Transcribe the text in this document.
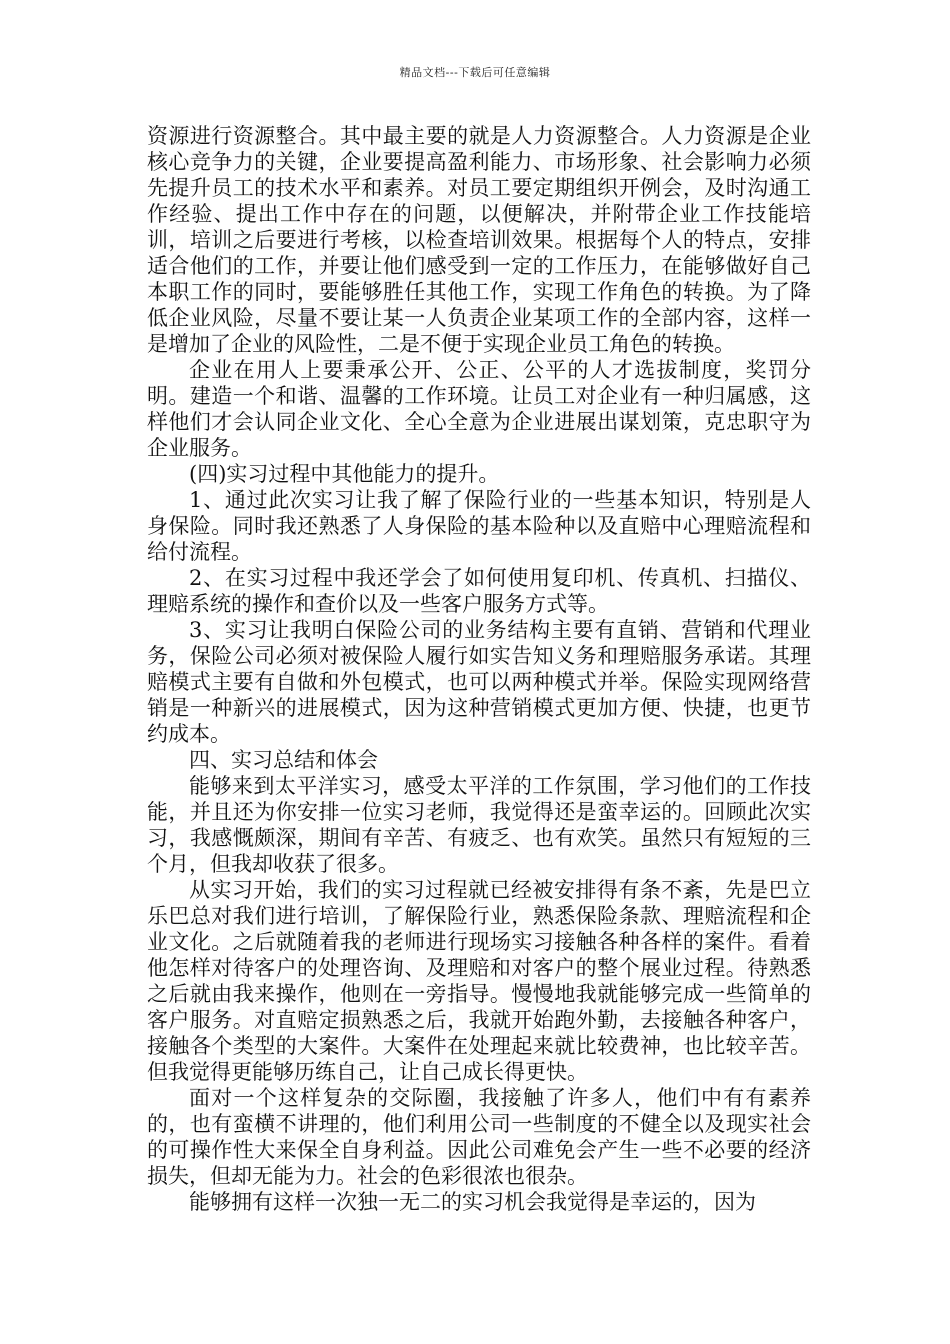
精品文档---下载后可任意编辑

资源进行资源整合。其中最主要的就是人力资源整合。人力资源是企业核心竞争力的关键，企业要提高盈利能力、市场形象、社会影响力必须先提升员工的技术水平和素养。对员工要定期组织开例会，及时沟通工作经验、提出工作中存在的问题，以便解决，并附带企业工作技能培训，培训之后要进行考核，以检查培训效果。根据每个人的特点，安排适合他们的工作，并要让他们感受到一定的工作压力，在能够做好自己本职工作的同时，要能够胜任其他工作，实现工作角色的转换。为了降低企业风险，尽量不要让某一人负责企业某项工作的全部内容，这样一是增加了企业的风险性，二是不便于实现企业员工角色的转换。

企业在用人上要秉承公开、公正、公平的人才选拔制度，奖罚分明。建造一个和谐、温馨的工作环境。让员工对企业有一种归属感，这样他们才会认同企业文化、全心全意为企业进展出谋划策，克忠职守为企业服务。

(四)实习过程中其他能力的提升。

1、通过此次实习让我了解了保险行业的一些基本知识，特别是人身保险。同时我还熟悉了人身保险的基本险种以及直赔中心理赔流程和给付流程。

2、在实习过程中我还学会了如何使用复印机、传真机、扫描仪、理赔系统的操作和查价以及一些客户服务方式等。

3、实习让我明白保险公司的业务结构主要有直销、营销和代理业务，保险公司必须对被保险人履行如实告知义务和理赔服务承诺。其理赔模式主要有自做和外包模式，也可以两种模式并举。保险实现网络营销是一种新兴的进展模式，因为这种营销模式更加方便、快捷，也更节约成本。

四、实习总结和体会

能够来到太平洋实习，感受太平洋的工作氛围，学习他们的工作技能，并且还为你安排一位实习老师，我觉得还是蛮幸运的。回顾此次实习，我感慨颇深，期间有辛苦、有疲乏、也有欢笑。虽然只有短短的三个月，但我却收获了很多。

从实习开始，我们的实习过程就已经被安排得有条不紊，先是巴立乐巴总对我们进行培训，了解保险行业，熟悉保险条款、理赔流程和企业文化。之后就随着我的老师进行现场实习接触各种各样的案件。看着他怎样对待客户的处理咨询、及理赔和对客户的整个展业过程。待熟悉之后就由我来操作，他则在一旁指导。慢慢地我就能够完成一些简单的客户服务。对直赔定损熟悉之后，我就开始跑外勤，去接触各种客户，接触各个类型的大案件。大案件在处理起来就比较费神，也比较辛苦。但我觉得更能够历练自己，让自己成长得更快。

面对一个这样复杂的交际圈，我接触了许多人，他们中有有素养的，也有蛮横不讲理的，他们利用公司一些制度的不健全以及现实社会的可操作性大来保全自身利益。因此公司难免会产生一些不必要的经济损失，但却无能为力。社会的色彩很浓也很杂。

能够拥有这样一次独一无二的实习机会我觉得是幸运的，因为
